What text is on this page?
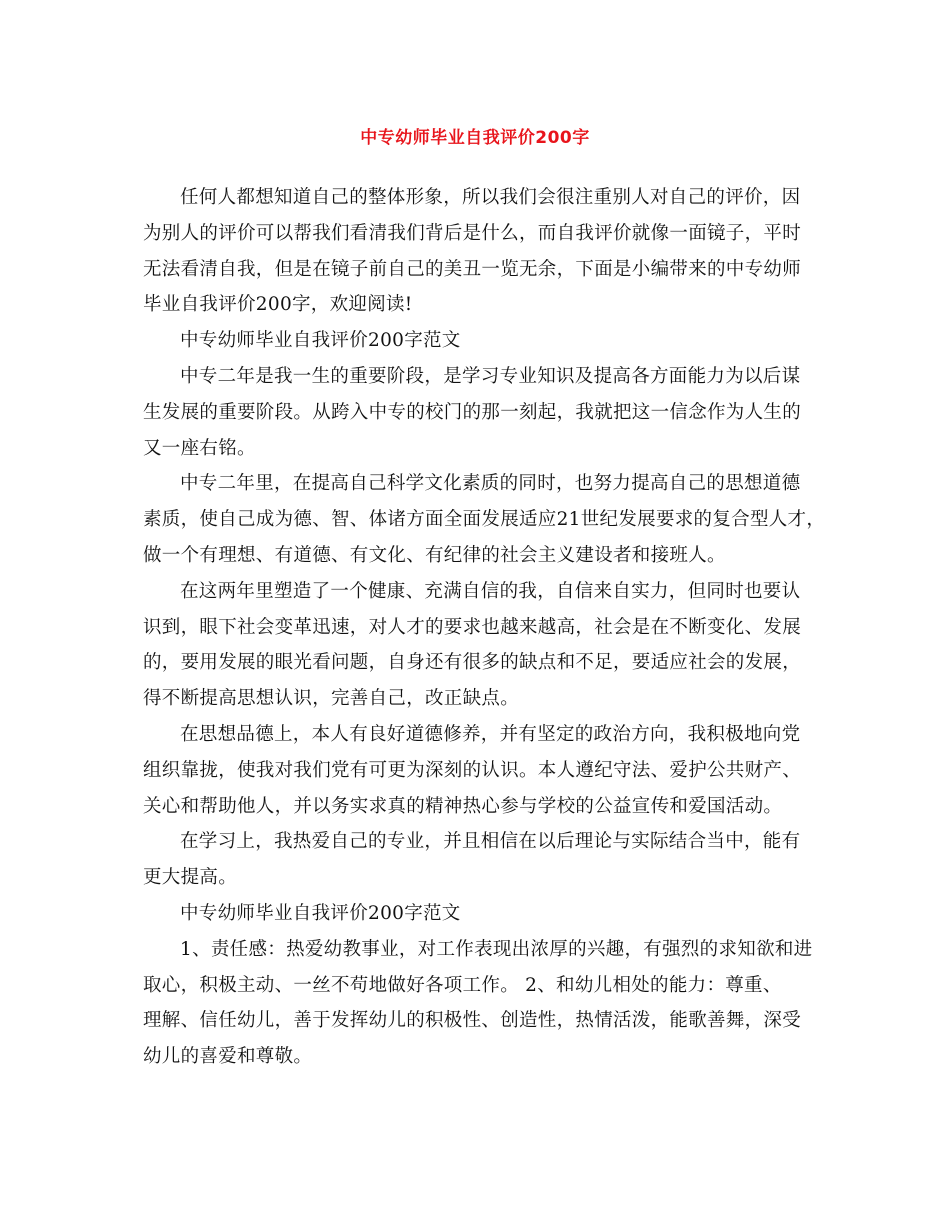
中专幼师毕业自我评价200字
任何人都想知道自己的整体形象，所以我们会很注重别人对自己的评价，因
为别人的评价可以帮我们看清我们背后是什么，而自我评价就像一面镜子，平时
无法看清自我，但是在镜子前自己的美丑一览无余，下面是小编带来的中专幼师
毕业自我评价200字，欢迎阅读!
中专幼师毕业自我评价200字范文
中专二年是我一生的重要阶段，是学习专业知识及提高各方面能力为以后谋
生发展的重要阶段。从跨入中专的校门的那一刻起，我就把这一信念作为人生的
又一座右铭。
中专二年里，在提高自己科学文化素质的同时，也努力提高自己的思想道德
素质，使自己成为德、智、体诸方面全面发展适应21世纪发展要求的复合型人才，
做一个有理想、有道德、有文化、有纪律的社会主义建设者和接班人。
在这两年里塑造了一个健康、充满自信的我，自信来自实力，但同时也要认
识到，眼下社会变革迅速，对人才的要求也越来越高，社会是在不断变化、发展
的，要用发展的眼光看问题，自身还有很多的缺点和不足，要适应社会的发展，
得不断提高思想认识，完善自己，改正缺点。
在思想品德上，本人有良好道德修养，并有坚定的政治方向，我积极地向党
组织靠拢，使我对我们党有可更为深刻的认识。本人遵纪守法、爱护公共财产、
关心和帮助他人，并以务实求真的精神热心参与学校的公益宣传和爱国活动。
在学习上，我热爱自己的专业，并且相信在以后理论与实际结合当中，能有
更大提高。
中专幼师毕业自我评价200字范文
1、责任感：热爱幼教事业，对工作表现出浓厚的兴趣，有强烈的求知欲和进
取心，积极主动、一丝不苟地做好各项工作。 2、和幼儿相处的能力：尊重、
理解、信任幼儿，善于发挥幼儿的积极性、创造性，热情活泼，能歌善舞，深受
幼儿的喜爱和尊敬。
